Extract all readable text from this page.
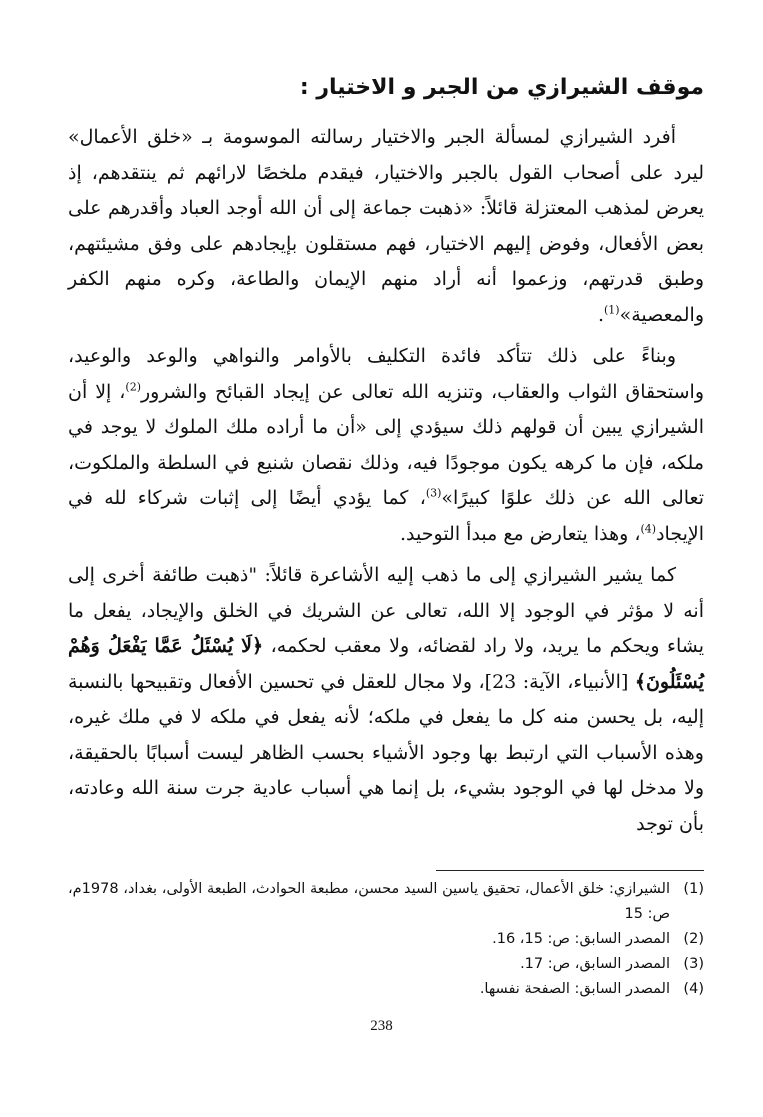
موقف الشيرازي من الجبر و الاختيار :

أفرد الشيرازي لمسألة الجبر والاختيار رسالته الموسومة بـ «خلق الأعمال» ليرد على أصحاب القول بالجبر والاختيار، فيقدم ملخصًا لارائهم ثم ينتقدهم، إذ يعرض لمذهب المعتزلة قائلاً: «ذهبت جماعة إلى أن الله أوجد العباد وأقدرهم على بعض الأفعال، وفوض إليهم الاختيار، فهم مستقلون بإيجادهم على وفق مشيئتهم، وطبق قدرتهم، وزعموا أنه أراد منهم الإيمان والطاعة، وكره منهم الكفر والمعصية»$^{(1)}$.

وبناءً على ذلك تتأكد فائدة التكليف بالأوامر والنواهي والوعد والوعيد، واستحقاق الثواب والعقاب، وتنزيه الله تعالى عن إيجاد القبائح والشرور$^{(2)}$، إلا أن الشيرازي يبين أن قولهم ذلك سيؤدي إلى «أن ما أراده ملك الملوك لا يوجد في ملكه، فإن ما كرهه يكون موجودًا فيه، وذلك نقصان شنيع في السلطة والملكوت، تعالى الله عن ذلك علوًا كبيرًا»$^{(3)}$، كما يؤدي أيضًا إلى إثبات شركاء لله في الإيجاد$^{(4)}$، وهذا يتعارض مع مبدأ التوحيد.

كما يشير الشيرازي إلى ما ذهب إليه الأشاعرة قائلاً: "ذهبت طائفة أخرى إلى أنه لا مؤثر في الوجود إلا الله، تعالى عن الشريك في الخلق والإيجاد، يفعل ما يشاء ويحكم ما يريد، ولا راد لقضائه، ولا معقب لحكمه، ﴿لَا يُسْئَلُ عَمَّا يَفْعَلُ وَهُمْ يُسْئَلُونَ﴾ [الأنبياء، الآية: 23]، ولا مجال للعقل في تحسين الأفعال وتقبيحها بالنسبة إليه، بل يحسن منه كل ما يفعل في ملكه؛ لأنه يفعل في ملكه لا في ملك غيره، وهذه الأسباب التي ارتبط بها وجود الأشياء بحسب الظاهر ليست أسبابًا بالحقيقة، ولا مدخل لها في الوجود بشيء، بل إنما هي أسباب عادية جرت سنة الله وعادته، بأن توجد

(1)
الشيرازي: خلق الأعمال، تحقيق ياسين السيد محسن، مطبعة الحوادث، الطبعة الأولى، بغداد، 1978م، ص: 15
(2)
المصدر السابق: ص: 15، 16.
(3)
المصدر السابق، ص: 17.
(4)
المصدر السابق: الصفحة نفسها.
238
